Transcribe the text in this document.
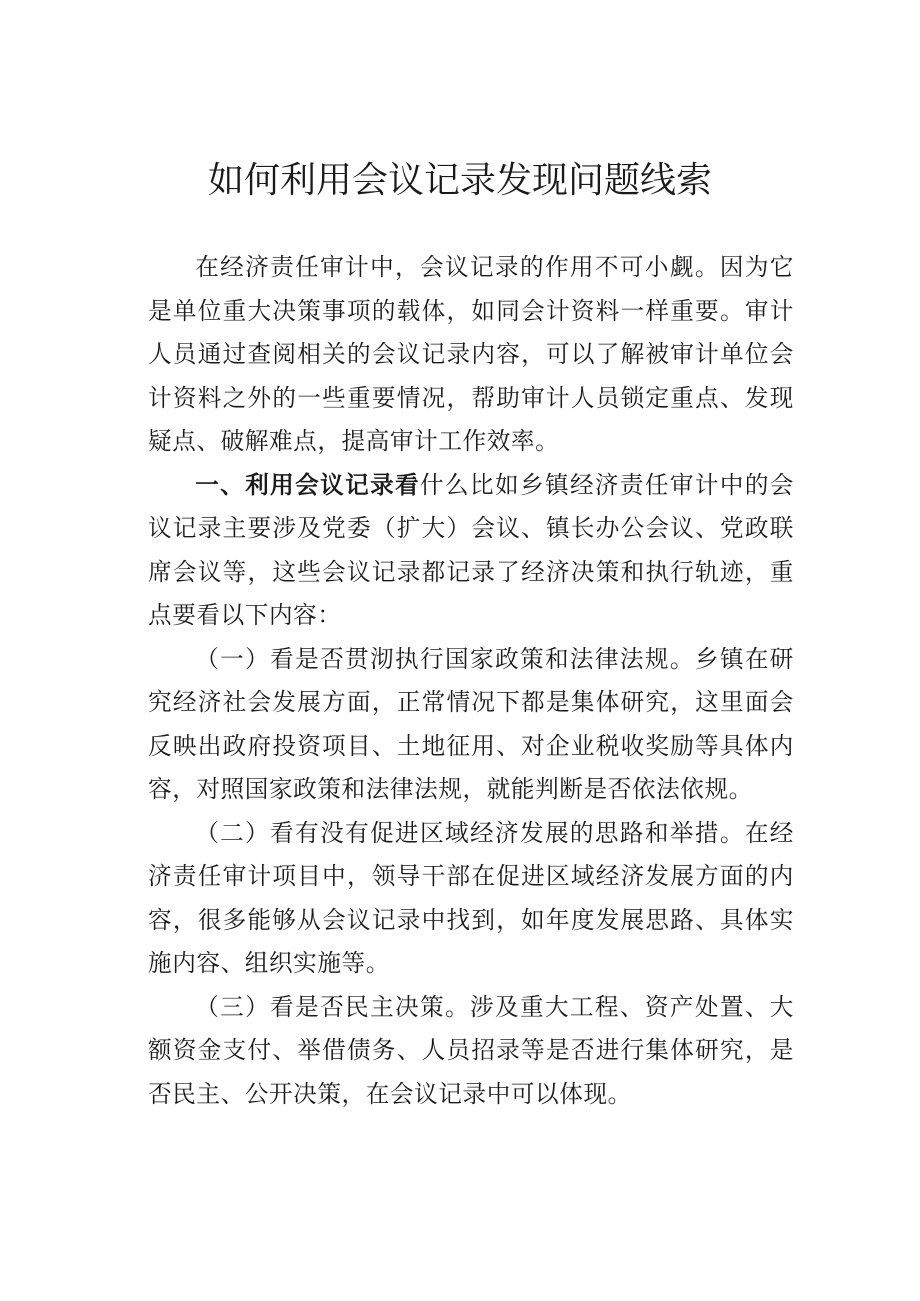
如何利用会议记录发现问题线索

在经济责任审计中，会议记录的作用不可小觑。因为它是单位重大决策事项的载体，如同会计资料一样重要。审计人员通过查阅相关的会议记录内容，可以了解被审计单位会计资料之外的一些重要情况，帮助审计人员锁定重点、发现疑点、破解难点，提高审计工作效率。

一、利用会议记录看什么比如乡镇经济责任审计中的会议记录主要涉及党委（扩大）会议、镇长办公会议、党政联席会议等，这些会议记录都记录了经济决策和执行轨迹，重点要看以下内容：

（一）看是否贯沏执行国家政策和法律法规。乡镇在研究经济社会发展方面，正常情况下都是集体研究，这里面会反映出政府投资项目、土地征用、对企业税收奖励等具体内容，对照国家政策和法律法规，就能判断是否依法依规。

（二）看有没有促进区域经济发展的思路和举措。在经济责任审计项目中，领导干部在促进区域经济发展方面的内容，很多能够从会议记录中找到，如年度发展思路、具体实施内容、组织实施等。

（三）看是否民主决策。涉及重大工程、资产处置、大额资金支付、举借债务、人员招录等是否进行集体研究，是否民主、公开决策，在会议记录中可以体现。
